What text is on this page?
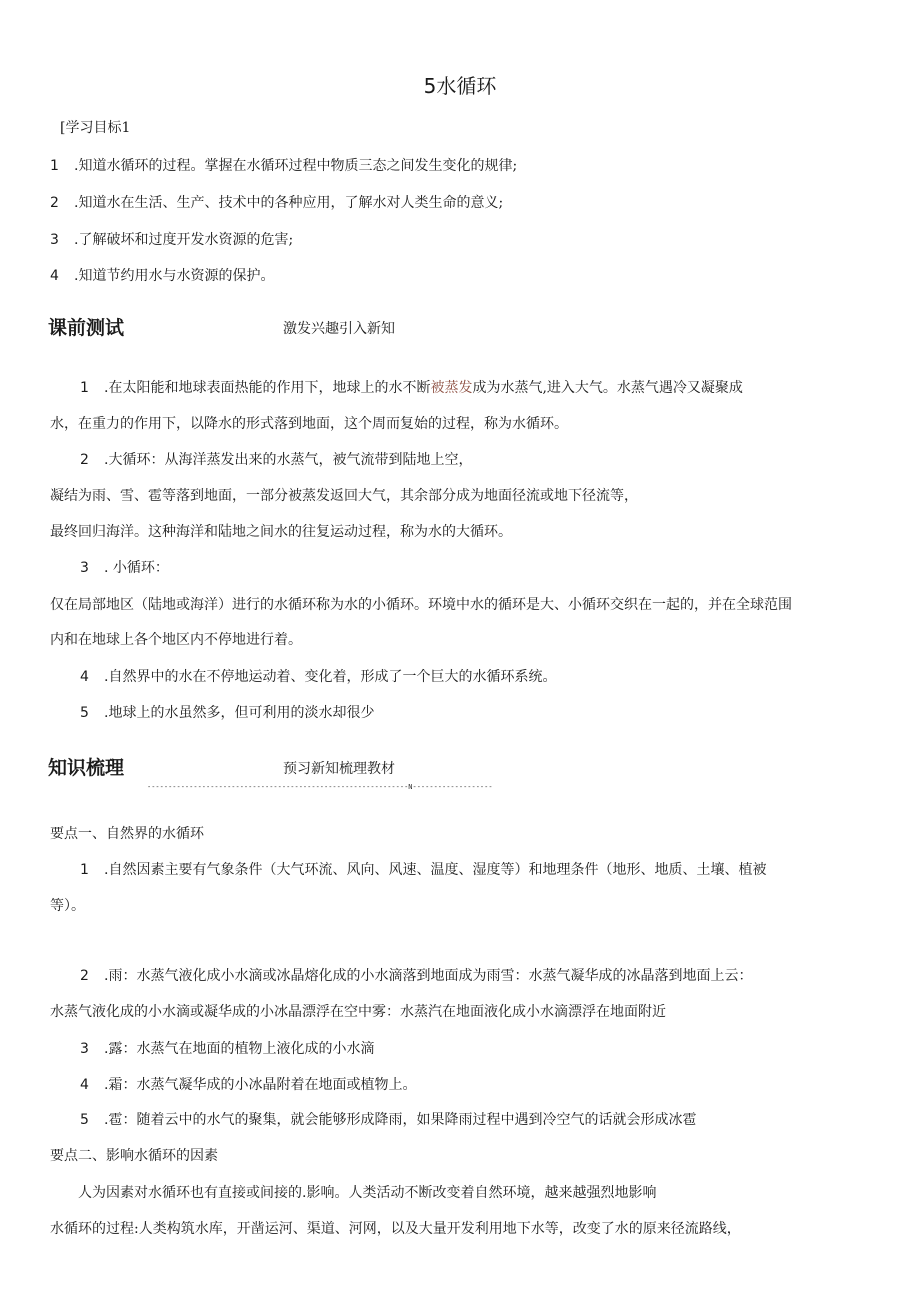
5水循环
[学习目标1
1 .知道水循环的过程。掌握在水循环过程中物质三态之间发生变化的规律;
2 .知道水在生活、生产、技术中的各种应用，了解水对人类生命的意义;
3 .了解破坏和过度开发水资源的危害;
4 .知道节约用水与水资源的保护。
课前测试	激发兴趣引入新知
1 .在太阳能和地球表面热能的作用下，地球上的水不断被蒸发成为水蒸气,进入大气。水蒸气遇冷又凝聚成
水，在重力的作用下，以降水的形式落到地面，这个周而复始的过程，称为水循环。
2 .大循环：从海洋蒸发出来的水蒸气，被气流带到陆地上空，
凝结为雨、雪、雹等落到地面，一部分被蒸发返回大气，其余部分成为地面径流或地下径流等，
最终回归海洋。这种海洋和陆地之间水的往复运动过程，称为水的大循环。
3 . 小循环：
仅在局部地区（陆地或海洋）进行的水循环称为水的小循环。环境中水的循环是大、小循环交织在一起的，并在全球范围
内和在地球上各个地区内不停地进行着。
4 .自然界中的水在不停地运动着、变化着，形成了一个巨大的水循环系统。
5 .地球上的水虽然多，但可利用的淡水却很少
知识梳理	预习新知梳理教材
--------------------------------------------------------------N-------------------
要点一、自然界的水循环
1 .自然因素主要有气象条件（大气环流、风向、风速、温度、湿度等）和地理条件（地形、地质、土壤、植被
等）。
2 .雨：水蒸气液化成小水滴或冰晶熔化成的小水滴落到地面成为雨雪：水蒸气凝华成的冰晶落到地面上云：
水蒸气液化成的小水滴或凝华成的小冰晶漂浮在空中雾：水蒸汽在地面液化成小水滴漂浮在地面附近
3 .露：水蒸气在地面的植物上液化成的小水滴
4 .霜：水蒸气凝华成的小冰晶附着在地面或植物上。
5 .雹：随着云中的水气的聚集，就会能够形成降雨，如果降雨过程中遇到冷空气的话就会形成冰雹
要点二、影响水循环的因素
人为因素对水循环也有直接或间接的.影响。人类活动不断改变着自然环境，越来越强烈地影响
水循环的过程:人类构筑水库，开凿运河、渠道、河网，以及大量开发利用地下水等，改变了水的原来径流路线，
